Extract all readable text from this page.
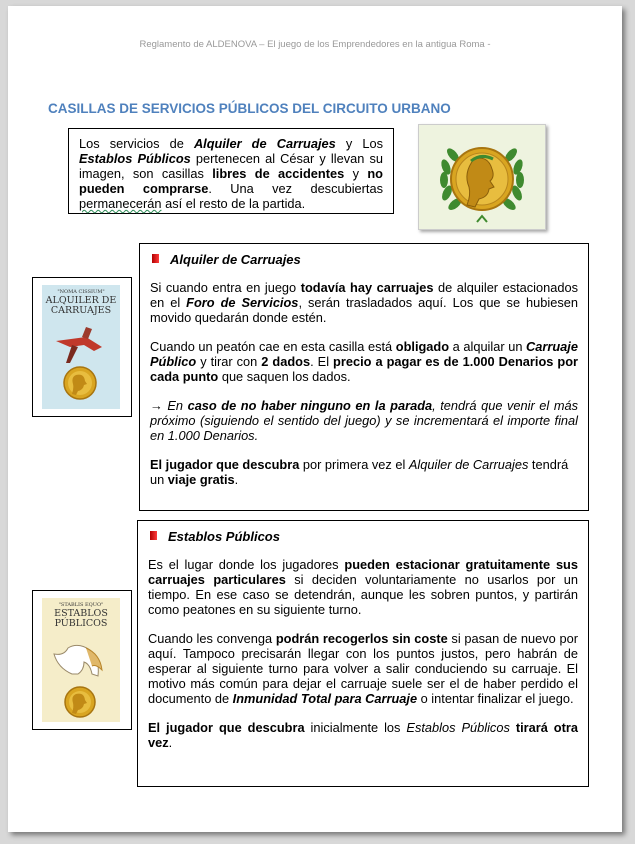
Reglamento de ALDENOVA – El juego de los Emprendedores en la antigua Roma -
CASILLAS DE SERVICIOS PÚBLICOS DEL CIRCUITO URBANO
Los servicios de Alquiler de Carruajes y Los Establos Públicos pertenecen al César y llevan su imagen, son casillas libres de accidentes y no pueden comprarse. Una vez descubiertas permanecerán así el resto de la partida.
"NOMA CISSIUM"
ALQUILER DE CARRUAJES
"STABLIS EQUO"
ESTABLOS PÚBLICOS
Alquiler de Carruajes

Si cuando entra en juego todavía hay carruajes de alquiler estacionados en el Foro de Servicios, serán trasladados aquí. Los que se hubiesen movido quedarán donde estén.

Cuando un peatón cae en esta casilla está obligado a alquilar un Carruaje Público y tirar con 2 dados. El precio a pagar es de 1.000 Denarios por cada punto que saquen los dados.

→ En caso de no haber ninguno en la parada, tendrá que venir el más próximo (siguiendo el sentido del juego) y se incrementará el importe final en 1.000 Denarios.

El jugador que descubra por primera vez el Alquiler de Carruajes tendrá un viaje gratis.

Establos Públicos

Es el lugar donde los jugadores pueden estacionar gratuitamente sus carruajes particulares si deciden voluntariamente no usarlos por un tiempo. En ese caso se detendrán, aunque les sobren puntos, y partirán como peatones en su siguiente turno.

Cuando les convenga podrán recogerlos sin coste si pasan de nuevo por aquí. Tampoco precisarán llegar con los puntos justos, pero habrán de esperar al siguiente turno para volver a salir conduciendo su carruaje. El motivo más común para dejar el carruaje suele ser el de haber perdido el documento de Inmunidad Total para Carruaje o intentar finalizar el juego.

El jugador que descubra inicialmente los Establos Públicos tirará otra vez.
